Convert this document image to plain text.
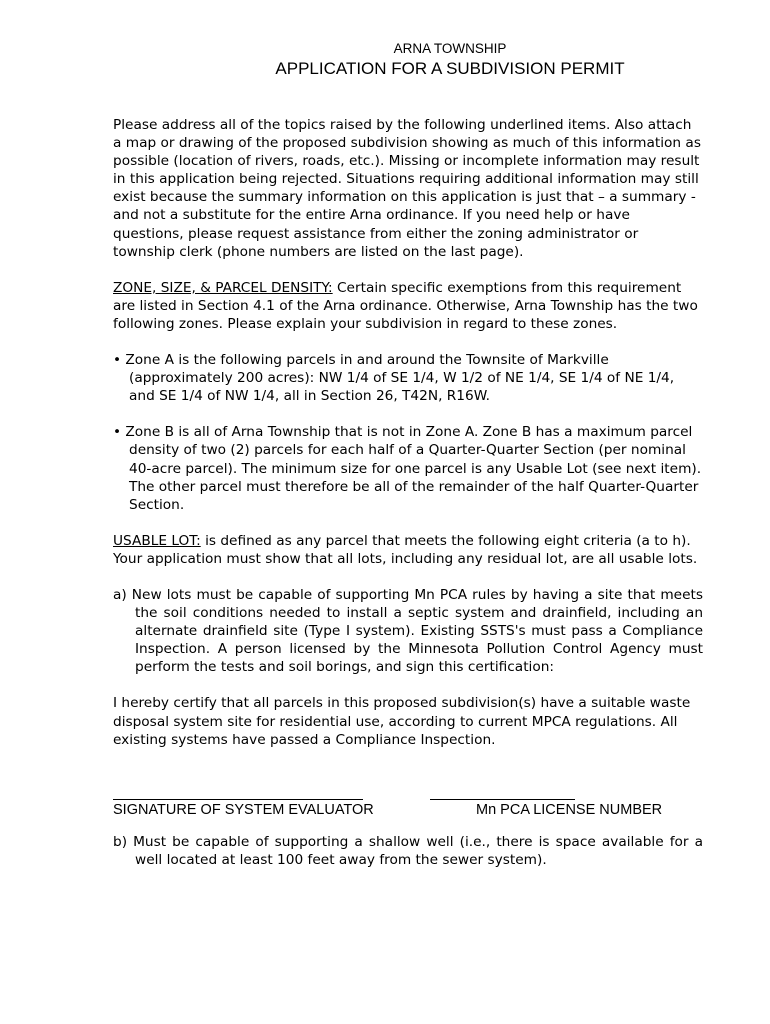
ARNA TOWNSHIP
APPLICATION FOR A SUBDIVISION PERMIT

Please address all of the topics raised by the following underlined items. Also attach a map or drawing of the proposed subdivision showing as much of this information as possible (location of rivers, roads, etc.). Missing or incomplete information may result in this application being rejected. Situations requiring additional information may still exist because the summary information on this application is just that – a summary - and not a substitute for the entire Arna ordinance. If you need help or have questions, please request assistance from either the zoning administrator or township clerk (phone numbers are listed on the last page).

ZONE, SIZE, & PARCEL DENSITY: Certain specific exemptions from this requirement are listed in Section 4.1 of the Arna ordinance. Otherwise, Arna Township has the two following zones. Please explain your subdivision in regard to these zones.

• Zone A is the following parcels in and around the Townsite of Markville (approximately 200 acres): NW 1/4 of SE 1/4, W 1/2 of NE 1/4, SE 1/4 of NE 1/4, and SE 1/4 of NW 1/4, all in Section 26, T42N, R16W.

• Zone B is all of Arna Township that is not in Zone A. Zone B has a maximum parcel density of two (2) parcels for each half of a Quarter-Quarter Section (per nominal 40-acre parcel). The minimum size for one parcel is any Usable Lot (see next item). The other parcel must therefore be all of the remainder of the half Quarter-Quarter Section.

USABLE LOT: is defined as any parcel that meets the following eight criteria (a to h). Your application must show that all lots, including any residual lot, are all usable lots.

a) New lots must be capable of supporting Mn PCA rules by having a site that meets the soil conditions needed to install a septic system and drainfield, including an alternate drainfield site (Type I system). Existing SSTS's must pass a Compliance Inspection. A person licensed by the Minnesota Pollution Control Agency must perform the tests and soil borings, and sign this certification:

I hereby certify that all parcels in this proposed subdivision(s) have a suitable waste disposal system site for residential use, according to current MPCA regulations. All existing systems have passed a Compliance Inspection.

SIGNATURE OF SYSTEM EVALUATOR	Mn PCA LICENSE NUMBER

b) Must be capable of supporting a shallow well (i.e., there is space available for a well located at least 100 feet away from the sewer system).
